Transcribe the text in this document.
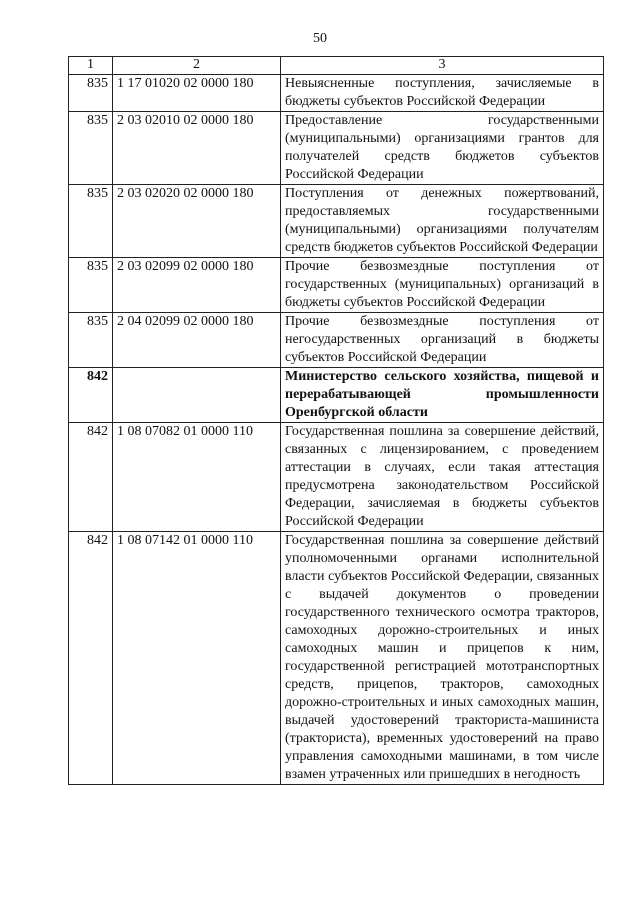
50
1	2	3
835	1 17 01020 02 0000 180	Невыясненные поступления, зачисляемые в бюджеты субъектов Российской Федерации
835	2 03 02010 02 0000 180	Предоставление государственными (муниципальными) организациями грантов для получателей средств бюджетов субъектов Российской Федерации
835	2 03 02020 02 0000 180	Поступления от денежных пожертвований, предоставляемых государственными (муниципальными) организациями получателям средств бюджетов субъектов Российской Федерации
835	2 03 02099 02 0000 180	Прочие безвозмездные поступления от государственных (муниципальных) организаций в бюджеты субъектов Российской Федерации
835	2 04 02099 02 0000 180	Прочие безвозмездные поступления от негосударственных организаций в бюджеты субъектов Российской Федерации
842		Министерство сельского хозяйства, пищевой и перерабатывающей промышленности Оренбургской области
842	1 08 07082 01 0000 110	Государственная пошлина за совершение действий, связанных с лицензированием, с проведением аттестации в случаях, если такая аттестация предусмотрена законодательством Российской Федерации, зачисляемая в бюджеты субъектов Российской Федерации
842	1 08 07142 01 0000 110	Государственная пошлина за совершение действий уполномоченными органами исполнительной власти субъектов Российской Федерации, связанных с выдачей документов о проведении государственного технического осмотра тракторов, самоходных дорожно-строительных и иных самоходных машин и прицепов к ним, государственной регистрацией мототранспортных средств, прицепов, тракторов, самоходных дорожно-строительных и иных самоходных машин, выдачей удостоверений тракториста-машиниста (тракториста), временных удостоверений на право управления самоходными машинами, в том числе взамен утраченных или пришедших в негодность
